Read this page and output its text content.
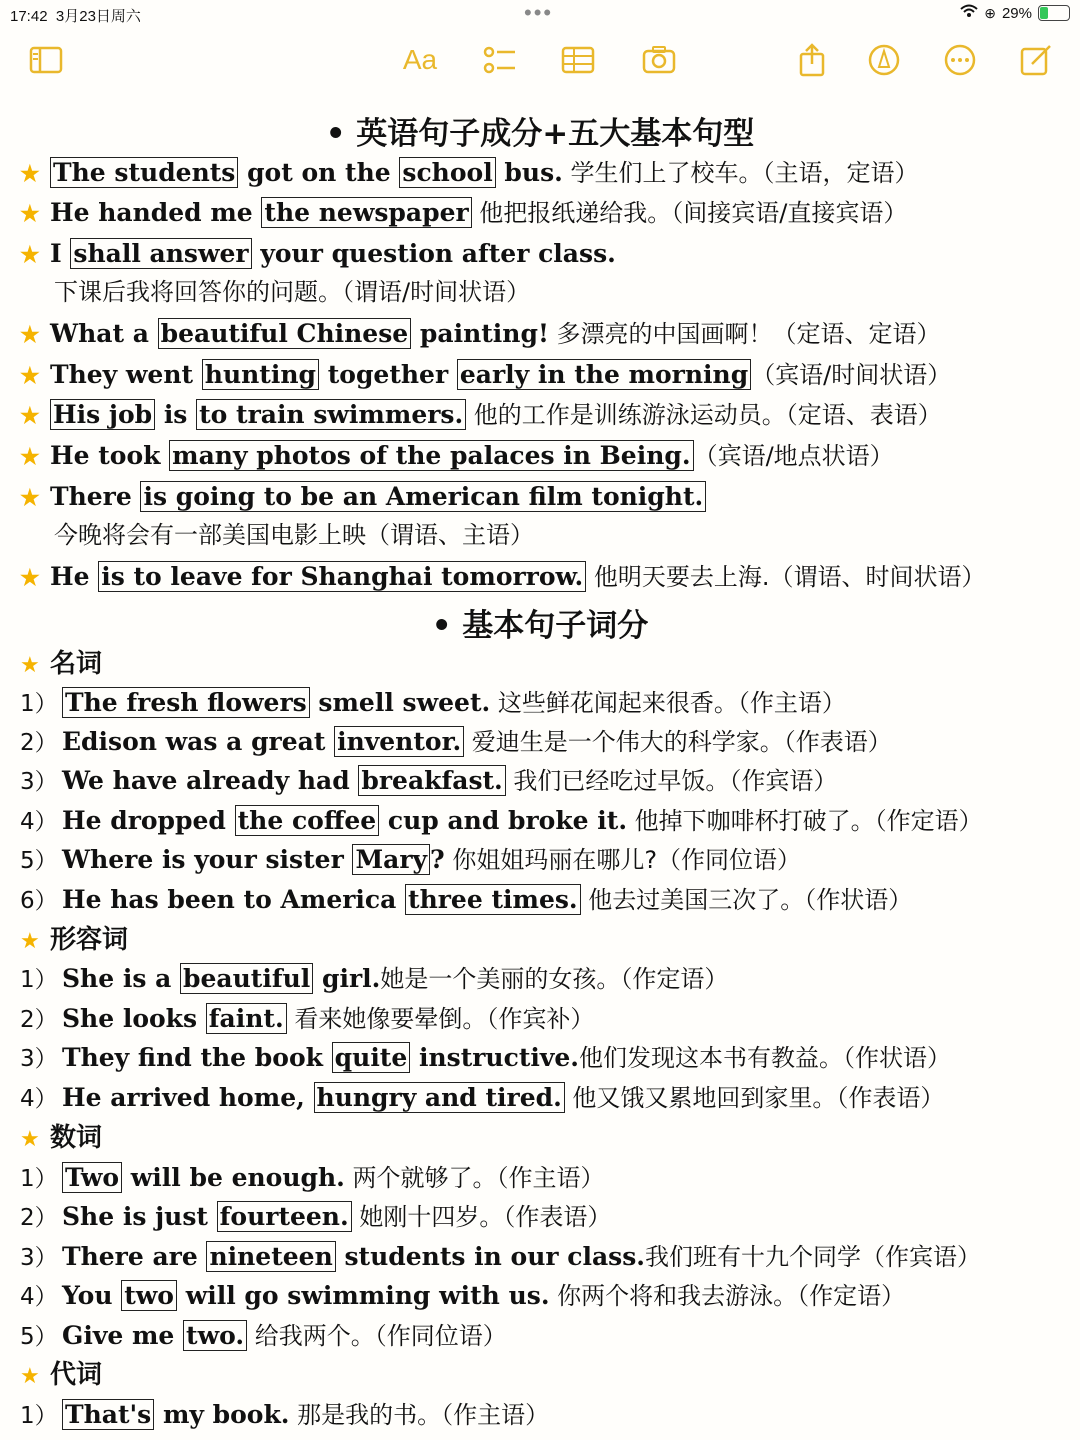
17:42 3月23日周六	•••	⊕ 29%
Aa
• 英语句子成分+五大基本句型
★ The students got on the school bus. 学生们上了校车。（主语，定语）
★ He handed me the newspaper 他把报纸递给我。（间接宾语/直接宾语）
★ I shall answer your question after class.
★ What a beautiful Chinese painting! 多漂亮的中国画啊！（定语、定语）
★ They went hunting together early in the morning （宾语/时间状语）
★ His job is to train swimmers. 他的工作是训练游泳运动员。（定语、表语）
★ He took many photos of the palaces in Being. （宾语/地点状语）
★ There is going to be an American film tonight.
★ He is to leave for Shanghai tomorrow. 他明天要去上海.（谓语、时间状语）
下课后我将回答你的问题。（谓语/时间状语）
今晚将会有一部美国电影上映（谓语、主语）
• 基本句子词分
★ 名词
1） The fresh flowers smell sweet. 这些鲜花闻起来很香。（作主语）
2） Edison was a great inventor. 爱迪生是一个伟大的科学家。（作表语）
3） We have already had breakfast. 我们已经吃过早饭。（作宾语）
4） He dropped the coffee cup and broke it. 他掉下咖啡杯打破了。（作定语）
5） Where is your sister Mary ? 你姐姐玛丽在哪儿?（作同位语）
6） He has been to America three times. 他去过美国三次了。（作状语）
★ 形容词
1） She is a beautiful girl.她是一个美丽的女孩。（作定语）
2） She looks faint. 看来她像要晕倒。（作宾补）
3） They find the book quite instructive.他们发现这本书有教益。（作状语）
4） He arrived home, hungry and tired. 他又饿又累地回到家里。（作表语）
★ 数词
1） Two will be enough. 两个就够了。（作主语）
2） She is just fourteen. 她刚十四岁。（作表语）
3） There are nineteen students in our class.我们班有十九个同学（作宾语）
4） You two will go swimming with us. 你两个将和我去游泳。（作定语）
5） Give me two. 给我两个。（作同位语）
★ 代词
1） That's my book. 那是我的书。（作主语）
